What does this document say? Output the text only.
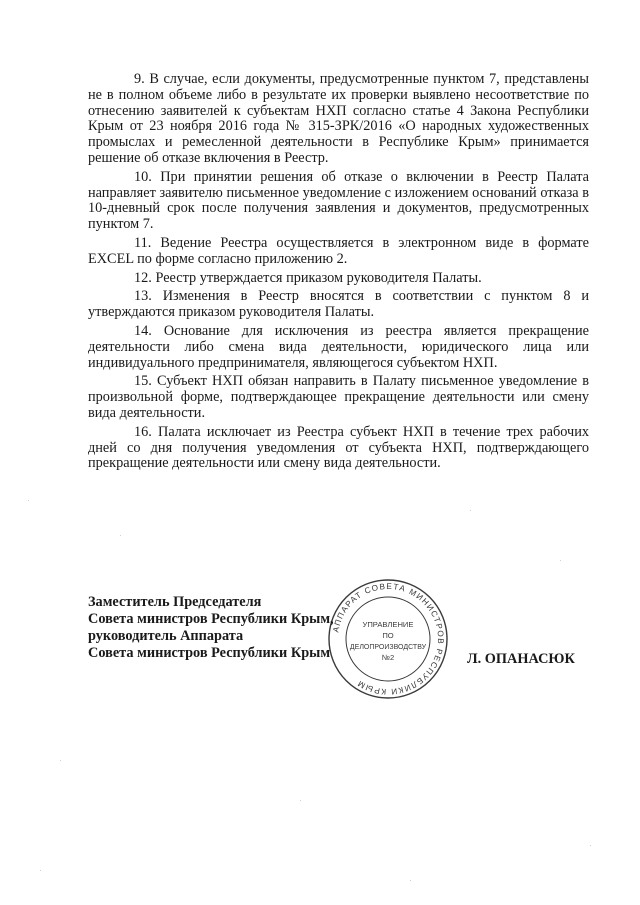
9. В случае, если документы, предусмотренные пунктом 7, представлены не в полном объеме либо в результате их проверки выявлено несоответствие по отнесению заявителей к субъектам НХП согласно статье 4 Закона Республики Крым от 23 ноября 2016 года № 315-ЗРК/2016 «О народных художественных промыслах и ремесленной деятельности в Республике Крым» принимается решение об отказе включения в Реестр.

10. При принятии решения об отказе о включении в Реестр Палата направляет заявителю письменное уведомление с изложением оснований отказа в 10-дневный срок после получения заявления и документов, предусмотренных пунктом 7.

11. Ведение Реестра осуществляется в электронном виде в формате EXCEL по форме согласно приложению 2.

12. Реестр утверждается приказом руководителя Палаты.

13. Изменения в Реестр вносятся в соответствии с пунктом 8 и утверждаются приказом руководителя Палаты.

14. Основание для исключения из реестра является прекращение деятельности либо смена вида деятельности, юридического лица или индивидуального предпринимателя, являющегося субъектом НХП.

15. Субъект НХП обязан направить в Палату письменное уведомление в произвольной форме, подтверждающее прекращение деятельности или смену вида деятельности.

16. Палата исключает из Реестра субъект НХП в течение трех рабочих дней со дня получения уведомления от субъекта НХП, подтверждающего прекращение деятельности или смену вида деятельности.

АППАРАТ СОВЕТА МИНИСТРОВ РЕСПУБЛИКИ КРЫМ
УПРАВЛЕНИЕ
ПО
ДЕЛОПРОИЗВОДСТВУ
№2
Заместитель Председателя
Совета министров Республики Крым,
руководитель Аппарата
Совета министров Республики Крым	Л. ОПАНАСЮК
